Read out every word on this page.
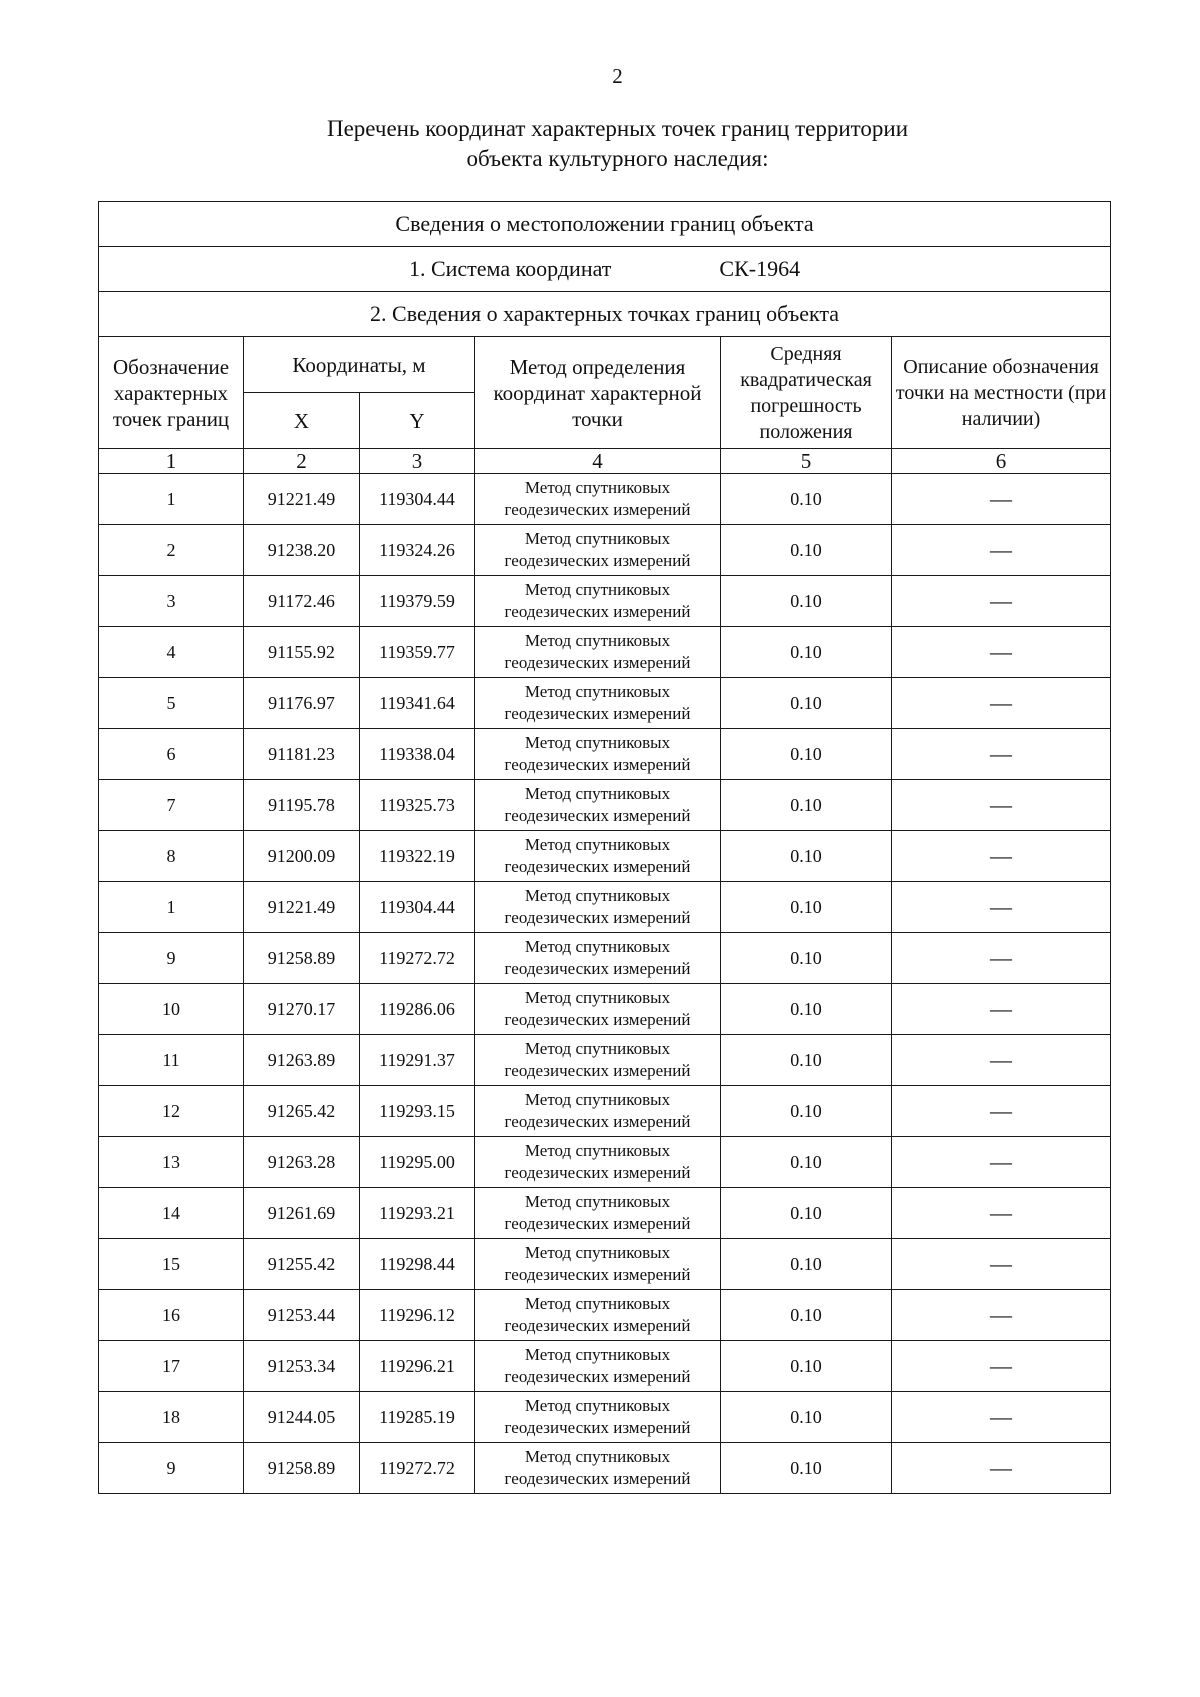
2
Перечень координат характерных точек границ территории
объекта культурного наследия:
Сведения о местоположении границ объекта					
1. Система координат СК-1964					
2. Сведения о характерных точках границ объекта					
Обозначение характерных точек границ	Координаты, м		Метод определения координат характерной точки	Средняя квадратическая погрешность положения	Описание обозначения точки на местности (при наличии)
	X	Y			
1	2	3	4	5	6
1	91221.49	119304.44	Метод спутниковых геодезических измерений	0.10	—
2	91238.20	119324.26	Метод спутниковых геодезических измерений	0.10	—
3	91172.46	119379.59	Метод спутниковых геодезических измерений	0.10	—
4	91155.92	119359.77	Метод спутниковых геодезических измерений	0.10	—
5	91176.97	119341.64	Метод спутниковых геодезических измерений	0.10	—
6	91181.23	119338.04	Метод спутниковых геодезических измерений	0.10	—
7	91195.78	119325.73	Метод спутниковых геодезических измерений	0.10	—
8	91200.09	119322.19	Метод спутниковых геодезических измерений	0.10	—
1	91221.49	119304.44	Метод спутниковых геодезических измерений	0.10	—
9	91258.89	119272.72	Метод спутниковых геодезических измерений	0.10	—
10	91270.17	119286.06	Метод спутниковых геодезических измерений	0.10	—
11	91263.89	119291.37	Метод спутниковых геодезических измерений	0.10	—
12	91265.42	119293.15	Метод спутниковых геодезических измерений	0.10	—
13	91263.28	119295.00	Метод спутниковых геодезических измерений	0.10	—
14	91261.69	119293.21	Метод спутниковых геодезических измерений	0.10	—
15	91255.42	119298.44	Метод спутниковых геодезических измерений	0.10	—
16	91253.44	119296.12	Метод спутниковых геодезических измерений	0.10	—
17	91253.34	119296.21	Метод спутниковых геодезических измерений	0.10	—
18	91244.05	119285.19	Метод спутниковых геодезических измерений	0.10	—
9	91258.89	119272.72	Метод спутниковых геодезических измерений	0.10	—
